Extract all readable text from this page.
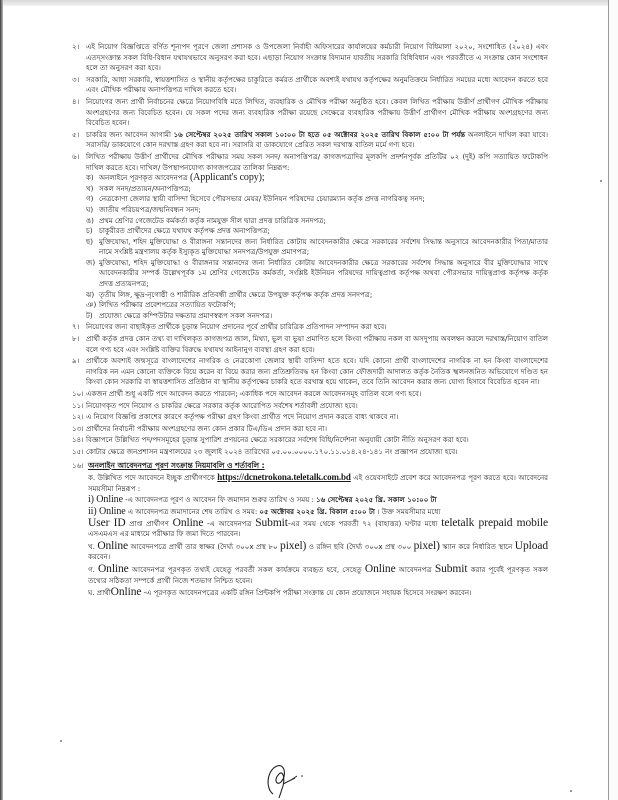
২। এই নিয়োগ বিজ্ঞপ্তিতে বর্ণিত শূন্যপদ পূরণে জেলা প্রশাসক ও উপজেলা নির্বাহী অফিসারের কার্যালয়ের কর্মচারী নিয়োগ বিধিমালা ২০২০, সংশোধিত (২০২৪) এবং এতদ্সংক্রান্ত সকল বিধি-বিধান যথাযথভাবে অনুসরণ করা হবে। এছাড়া নিয়োগ সংক্রান্ত বিদ্যমান যাবতীয় সরকারি বিধিবিধান এবং পরবর্তীতে এ সংক্রান্ত কোন সংশোধন হলে তা অনুসরণ করা হবে।
৩। সরকারি, আধা সরকারি, স্বায়ত্তশাসিত ও স্থানীয় কর্তৃপক্ষের চাকুরিতে কর্মরত প্রার্থীকে অবশ্যই যথাযথ কর্তৃপক্ষের অনুমতিক্রমে নির্ধারিত সময়ের মধ্যে আবেদন করতে হবে এবং মৌখিক পরীক্ষায় অনাপত্তিপত্র দাখিল করতে হবে।
৪। নিয়োগের জন্য প্রার্থী নির্বাচনের ক্ষেত্রে নিয়োগবিধি মতে লিখিত, ব্যবহারিক ও মৌখিক পরীক্ষা অনুষ্ঠিত হবে। কেবল লিখিত পরীক্ষায় উত্তীর্ণ প্রার্থীগণ মৌখিক পরীক্ষায় অংশগ্রহণের জন্য বিবেচিত হবেন। যে সকল পদের জন্য ব্যবহারিক পরীক্ষা রয়েছে সেক্ষেত্রে ব্যবহারিক পরীক্ষায় উত্তীর্ণ প্রার্থীগণ মৌখিক পরীক্ষায় অংশগ্রহণের জন্য বিবেচিত হবেন।
৫। চাকরির জন্য আবেদন আগামী ১৬ সেপ্টেম্বর ২০২৫ তারিখ সকাল ১০:০০ টা হতে ০৫ অক্টোবর ২০২৫ তারিখ বিকাল ৫:০০ টা পর্যন্ত অনলাইনে দাখিল করা যাবে। সরাসরি/ ডাকযোগে কোন দরখাস্ত গ্রহণ করা হবে না। সরাসরি বা ডাকযোগে প্রেরিত সকল দরখাস্ত বাতিল মর্মে গণ্য হবে।
৬। লিখিত পরীক্ষায় উত্তীর্ণ প্রার্থীদের মৌখিক পরীক্ষার সময় সকল সনদ/ অনাপত্তিপত্র/ কাগজপত্রাদির মূলকপি প্রদর্শনপূর্বক প্রতিটির ০২ (দুই) কপি সত্যায়িত ফটোকপি দাখিল করতে হবে। দাখিল/ উপস্থাপনযোগ্য কাগজপত্রের তালিকা নিম্নরূপ:
ক) অনলাইনে পূরণকৃত আবেদনপত্র (Applicant's copy);
খ) সকল সনদ/প্রত্যয়ন/অনাপত্তিপত্র;
গ) নেত্রকোণা জেলার স্থায়ী বাসিন্দা হিসেবে পৌরসভার মেয়র/ ইউনিয়ন পরিষদের চেয়ারম্যান কর্তৃক প্রদত্ত নাগরিকত্ব সনদ;
ঘ) জাতীয় পরিচয়পত্র/জন্মনিবন্ধন সনদ;
ঙ) প্রথম শ্রেণির গেজেটেড কর্মকর্তা কর্তৃক নামযুক্ত সীল দ্বারা প্রদত্ত চারিত্রিক সনদপত্র;
চ) চাকুরীরত প্রার্থীদের ক্ষেত্রে যথাযথ কর্তৃপক্ষ প্রদত্ত অনাপত্তিপত্র;
ছ) মুক্তিযোদ্ধা, শহিদ মুক্তিযোদ্ধা ও বীরাঙ্গনা সন্তানদের জন্য নির্ধারিত কোটায় আবেদনকারীর ক্ষেত্রে সরকারের সর্বশেষ সিদ্ধান্ত অনুসারে আবেদনকারীর পিতা/মাতার নামে সংশ্লিষ্ট মন্ত্রণালয় কর্তৃক ইস্যুকৃত মুক্তিযোদ্ধা সনদপত্র/উপযুক্ত প্রমাণপত্র;
জ) মুক্তিযোদ্ধা, শহিদ মুক্তিযোদ্ধা ও বীরাঙ্গনার সন্তানদের জন্য নির্ধারিত কোটায় আবেদনকারীর ক্ষেত্রে সরকারের সর্বশেষ সিদ্ধান্ত অনুসারে বীর মুক্তিযোদ্ধার সাথে আবেদনকারীর সম্পর্ক উল্লেখপূর্বক ১ম শ্রেণির গেজেটেড কর্মকর্তা, সংশ্লিষ্ট ইউনিয়ন পরিষদের দায়িত্বপ্রাপ্ত কর্তৃপক্ষ অথবা পৌরসভার দায়িত্বপ্রাপ্ত কর্তৃপক্ষ কর্তৃক প্রদত্ত প্রত্যয়নপত্র;
ঝ) তৃতীয় লিঙ্গ, ক্ষুদ্র-নৃগোষ্ঠী ও শারীরিক প্রতিবন্ধী প্রার্থীর ক্ষেত্রে উপযুক্ত কর্তৃপক্ষ কর্তৃক প্রদত্ত সনদপত্র;
ঞ) লিখিত পরীক্ষার প্রবেশপত্রের সত্যায়িত ফটোকপি;
ট) প্রযোজ্য ক্ষেত্রে কম্পিউটার দক্ষতার প্রমাণস্বরূপ সকল সনদপত্র।
৭। নিয়োগের জন্য বাছাইকৃত প্রার্থীকে চূড়ান্ত নিয়োগ প্রদানের পূর্বে প্রার্থীর চারিত্রিক প্রতিপাদন সম্পাদন করা হবে।
৮। প্রার্থী কর্তৃক প্রদত্ত কোন তথ্য বা দাখিলকৃত কাগজপত্র জাল, মিথ্যা, ভুল বা ভুয়া প্রমাণিত হলে কিংবা পরীক্ষায় নকল বা অসদুপায় অবলম্বন করলে দরখাস্ত/নিয়োগ বাতিল বলে গণ্য হবে এবং সংশ্লিষ্ট ব্যক্তির বিরুদ্ধে যথাযথ আইনানুগ ব্যবস্থা গ্রহণ করা হবে।
৯। প্রার্থীকে অবশ্যই জন্মসূত্রে বাংলাদেশের নাগরিক ও নেত্রকোণা জেলার স্থায়ী বাসিন্দা হতে হবে। যদি কোনো প্রার্থী বাংলাদেশের নাগরিক না হন কিংবা বাংলাদেশের নাগরিক নন এমন কোনো ব্যক্তিকে বিয়ে করেন বা বিয়ে করার জন্য প্রতিশ্রুতিবদ্ধ হন কিংবা কোন ফৌজদারী আদালত কর্তৃক নৈতিক স্খলনজনিত অভিযোগে দণ্ডিত হন কিংবা কোন সরকারি বা স্বায়ত্তশাসিত প্রতিষ্ঠান বা স্থানীয় কর্তৃপক্ষের চাকরি হতে বরখাস্ত হয়ে থাকেন, তবে তিনি আবেদন করার জন্য যোগ্য হিসাবে বিবেচিত হবেন না।
১০। একজন প্রার্থী শুধু একটি পদে আবেদন করতে পারবেন; একাধিক পদে আবেদন করলে আবেদনসমূহ বাতিল বলে গণ্য হবে।
১১। নিয়োগকৃত পদে নিয়োগ ও চাকরির ক্ষেত্রে সরকার কর্তৃক আরোপিত সর্বশেষ শর্তাবলী প্রযোজ্য হবে।
১২। এ নিয়োগ বিজ্ঞপ্তি প্রকাশের কারণে কর্তৃপক্ষ পরীক্ষা গ্রহণ কিংবা প্রার্থীত পদে নিয়োগ প্রদান করতে বাধ্য থাকবে না।
১৩। প্রার্থীদের নির্বাচনী পরীক্ষায় অংশগ্রহণের জন্য কোন প্রকার টিএ/ডিএ প্রদান করা হবে না।
১৪। বিজ্ঞাপনে উল্লিখিত পদ/পদসমূহের চূড়ান্ত সুপারিশ প্রণয়নের ক্ষেত্রে সরকারের সর্বশেষ বিধি/নির্দেশনা অনুযায়ী কোটা নীতি অনুসরণ করা হবে।
১৫। কোটার ক্ষেত্রে জনপ্রশাসন মন্ত্রণালয়ের ২৩ জুলাই ২০২৪ তারিখের ০৫.০০.০০০০.১৭০.১১.০১৪.২৪-১৪১ নং প্রজ্ঞাপন প্রযোজ্য হবে।
১৬। অনলাইন আবেদনপত্র পূরণ সংক্রান্ত নিয়মাবলি ও শর্তাবলি :

ক. উল্লিখিত পদে আবেদনে ইচ্ছুক প্রার্থীগণকে https://dcnetrokona.teletalk.com.bd এই ওয়েবসাইটে প্রবেশ করে আবেদনপত্র পূরণ করতে হবে। আবেদনের সময়সীমা নিম্নরূপ :

i) Online -এ আবেদনপত্র পূরণ ও আবেদন ফি জমাদান শুরুর তারিখ ও সময় : ১৬ সেপ্টেম্বর ২০২৫ খ্রি. সকাল ১০:০০ টা

ii) Online এ আবেদনপত্র জমাদানের শেষ তারিখ ও সময়: ০৫ অক্টোবর ২০২৫ খ্রি. বিকাল ৫:০০ টা । উক্ত সময়সীমার মধ্যে
User ID প্রাপ্ত প্রার্থীগণ Online -এ আবেদনপত্র Submit-এর সময় থেকে পরবর্তী ৭২ (বাহাত্তর) ঘণ্টার মধ্যে teletalk prepaid mobile এসএমএস এর মাধ্যমে পরীক্ষার ফি জমা দিতে পারবেন।

খ. Online আবেদনপত্রে প্রার্থী তার স্বাক্ষর (দৈর্ঘ্য ৩০০x প্রস্থ ৮০ pixel) ও রঙ্গিন ছবি (দৈর্ঘ্য ৩০০x প্রস্থ ৩০০ pixel) স্ক্যান করে নির্ধারিত স্থানে Upload করবেন।

গ. Online আবেদনপত্র পূরণকৃত তথ্যই যেহেতু পরবর্তী সকল কার্যক্রমে ব্যবহৃত হবে, সেহেতু Online আবেদনপত্র Submit করার পূর্বেই পূরণকৃত সকল তথ্যের সঠিকতা সম্পর্কে প্রার্থী নিজে শতভাগ নিশ্চিত হবেন।

ঘ. প্রার্থীOnline -এ পূরণকৃত আবেদনপত্রের একটি রঙ্গিন প্রিন্টকপি পরীক্ষা সংক্রান্ত যে কোন প্রয়োজনে সহায়ক হিসেবে সংরক্ষণ করবেন।
